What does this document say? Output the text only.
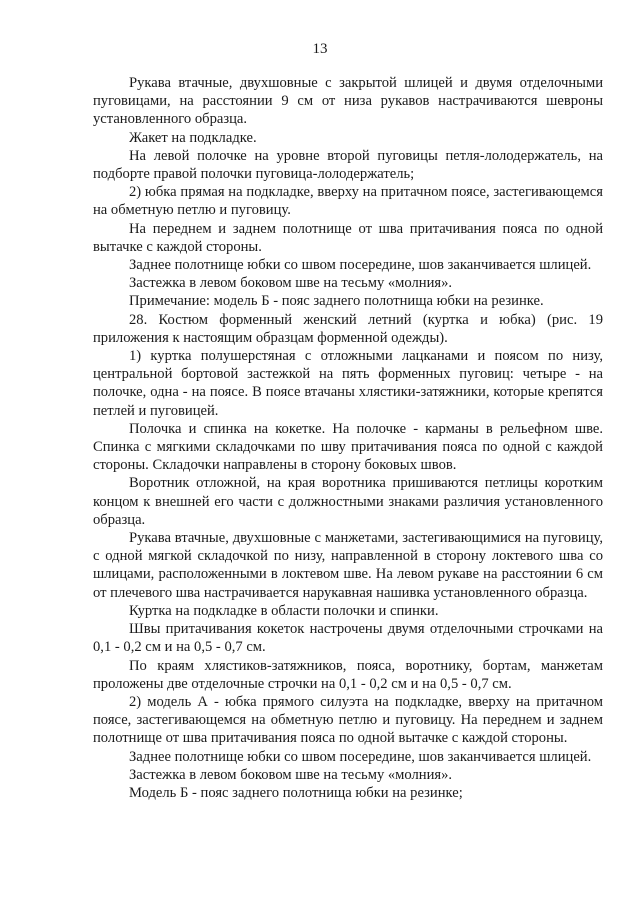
13

Рукава втачные, двухшовные с закрытой шлицей и двумя отделочными пуговицами, на расстоянии 9 см от низа рукавов настрачиваются шевроны установленного образца.

Жакет на подкладке.

На левой полочке на уровне второй пуговицы петля-лолодержатель, на подборте правой полочки пуговица-лолодержатель;

2) юбка прямая на подкладке, вверху на притачном поясе, застегивающемся на обметную петлю и пуговицу.

На переднем и заднем полотнище от шва притачивания пояса по одной вытачке с каждой стороны.

Заднее полотнище юбки со швом посередине, шов заканчивается шлицей.

Застежка в левом боковом шве на тесьму «молния».

Примечание: модель Б - пояс заднего полотнища юбки на резинке.

28. Костюм форменный женский летний (куртка и юбка) (рис. 19 приложения к настоящим образцам форменной одежды).

1) куртка полушерстяная с отложными лацканами и поясом по низу, центральной бортовой застежкой на пять форменных пуговиц: четыре - на полочке, одна - на поясе. В поясе втачаны хлястики-затяжники, которые крепятся петлей и пуговицей.

Полочка и спинка на кокетке. На полочке - карманы в рельефном шве. Спинка с мягкими складочками по шву притачивания пояса по одной с каждой стороны. Складочки направлены в сторону боковых швов.

Воротник отложной, на края воротника пришиваются петлицы коротким концом к внешней его части с должностными знаками различия установленного образца.

Рукава втачные, двухшовные с манжетами, застегивающимися на пуговицу, с одной мягкой складочкой по низу, направленной в сторону локтевого шва со шлицами, расположенными в локтевом шве. На левом рукаве на расстоянии 6 см от плечевого шва настрачивается нарукавная нашивка установленного образца.

Куртка на подкладке в области полочки и спинки.

Швы притачивания кокеток настрочены двумя отделочными строчками на 0,1 - 0,2 см и на 0,5 - 0,7 см.

По краям хлястиков-затяжников, пояса, воротнику, бортам, манжетам проложены две отделочные строчки на 0,1 - 0,2 см и на 0,5 - 0,7 см.

2) модель А - юбка прямого силуэта на подкладке, вверху на притачном поясе, застегивающемся на обметную петлю и пуговицу. На переднем и заднем полотнище от шва притачивания пояса по одной вытачке с каждой стороны.

Заднее полотнище юбки со швом посередине, шов заканчивается шлицей.

Застежка в левом боковом шве на тесьму «молния».

Модель Б - пояс заднего полотнища юбки на резинке;
